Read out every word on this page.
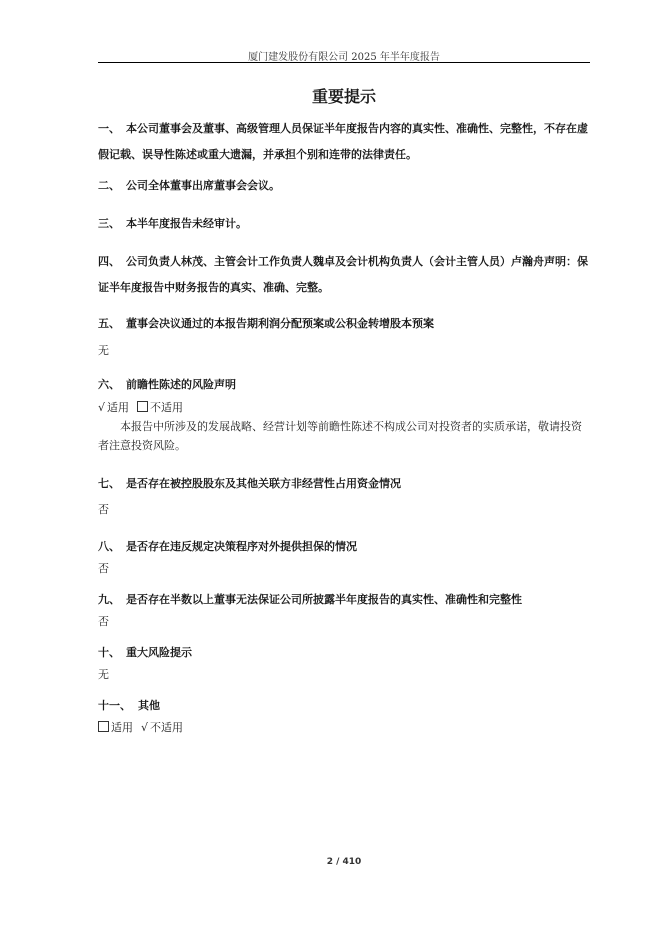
厦门建发股份有限公司 2025 年半年度报告
重要提示
一、 本公司董事会及董事、高级管理人员保证半年度报告内容的真实性、准确性、完整性，不存在虚假记载、误导性陈述或重大遗漏，并承担个别和连带的法律责任。
二、 公司全体董事出席董事会会议。
三、 本半年度报告未经审计。
四、 公司负责人林茂、主管会计工作负责人魏卓及会计机构负责人（会计主管人员）卢瀚舟声明：保证半年度报告中财务报告的真实、准确、完整。
五、 董事会决议通过的本报告期利润分配预案或公积金转增股本预案
无
六、 前瞻性陈述的风险声明
√ 适用 不适用
本报告中所涉及的发展战略、经营计划等前瞻性陈述不构成公司对投资者的实质承诺，敬请投资者注意投资风险。
七、 是否存在被控股股东及其他关联方非经营性占用资金情况
否
八、 是否存在违反规定决策程序对外提供担保的情况
否
九、 是否存在半数以上董事无法保证公司所披露半年度报告的真实性、准确性和完整性
否
十、 重大风险提示
无
十一、 其他
适用 √ 不适用
2 / 410
